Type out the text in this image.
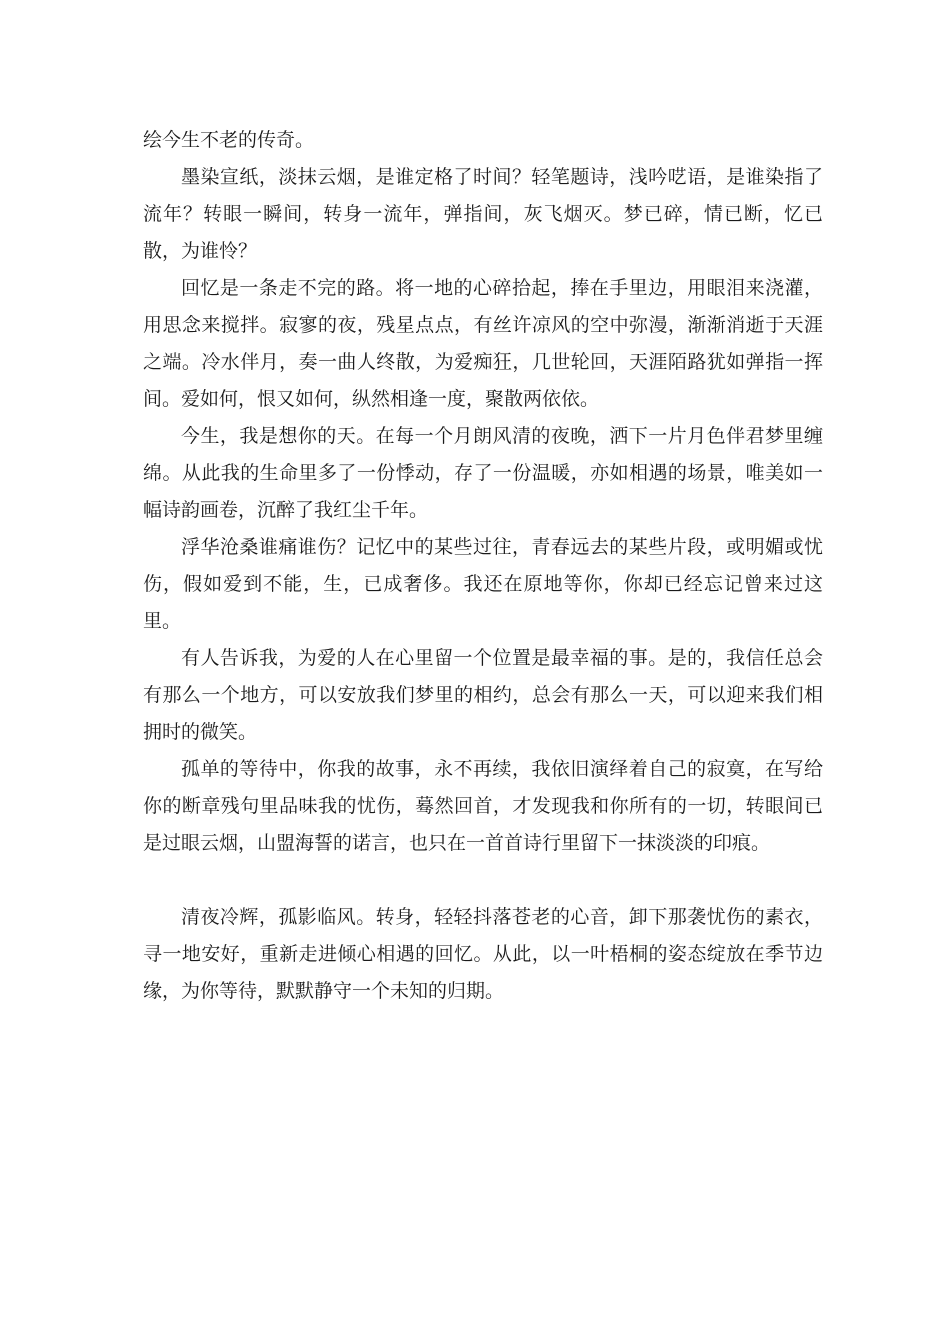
绘今生不老的传奇。

墨染宣纸，淡抹云烟，是谁定格了时间？轻笔题诗，浅吟呓语，是谁染指了流年？转眼一瞬间，转身一流年，弹指间，灰飞烟灭。梦已碎，情已断，忆已散，为谁怜？

回忆是一条走不完的路。将一地的心碎拾起，捧在手里边，用眼泪来浇灌，用思念来搅拌。寂寥的夜，残星点点，有丝许凉风的空中弥漫，渐渐消逝于天涯之端。冷水伴月，奏一曲人终散，为爱痴狂，几世轮回，天涯陌路犹如弹指一挥间。爱如何，恨又如何，纵然相逢一度，聚散两依依。

今生，我是想你的天。在每一个月朗风清的夜晚，洒下一片月色伴君梦里缠绵。从此我的生命里多了一份悸动，存了一份温暖，亦如相遇的场景，唯美如一幅诗韵画卷，沉醉了我红尘千年。

浮华沧桑谁痛谁伤？记忆中的某些过往，青春远去的某些片段，或明媚或忧伤，假如爱到不能，生，已成奢侈。我还在原地等你，你却已经忘记曾来过这里。

有人告诉我，为爱的人在心里留一个位置是最幸福的事。是的，我信任总会有那么一个地方，可以安放我们梦里的相约，总会有那么一天，可以迎来我们相拥时的微笑。

孤单的等待中，你我的故事，永不再续，我依旧演绎着自己的寂寞，在写给你的断章残句里品味我的忧伤，蓦然回首，才发现我和你所有的一切，转眼间已是过眼云烟，山盟海誓的诺言，也只在一首首诗行里留下一抹淡淡的印痕。

清夜冷辉，孤影临风。转身，轻轻抖落苍老的心音，卸下那袭忧伤的素衣，寻一地安好，重新走进倾心相遇的回忆。从此，以一叶梧桐的姿态绽放在季节边缘，为你等待，默默静守一个未知的归期。
